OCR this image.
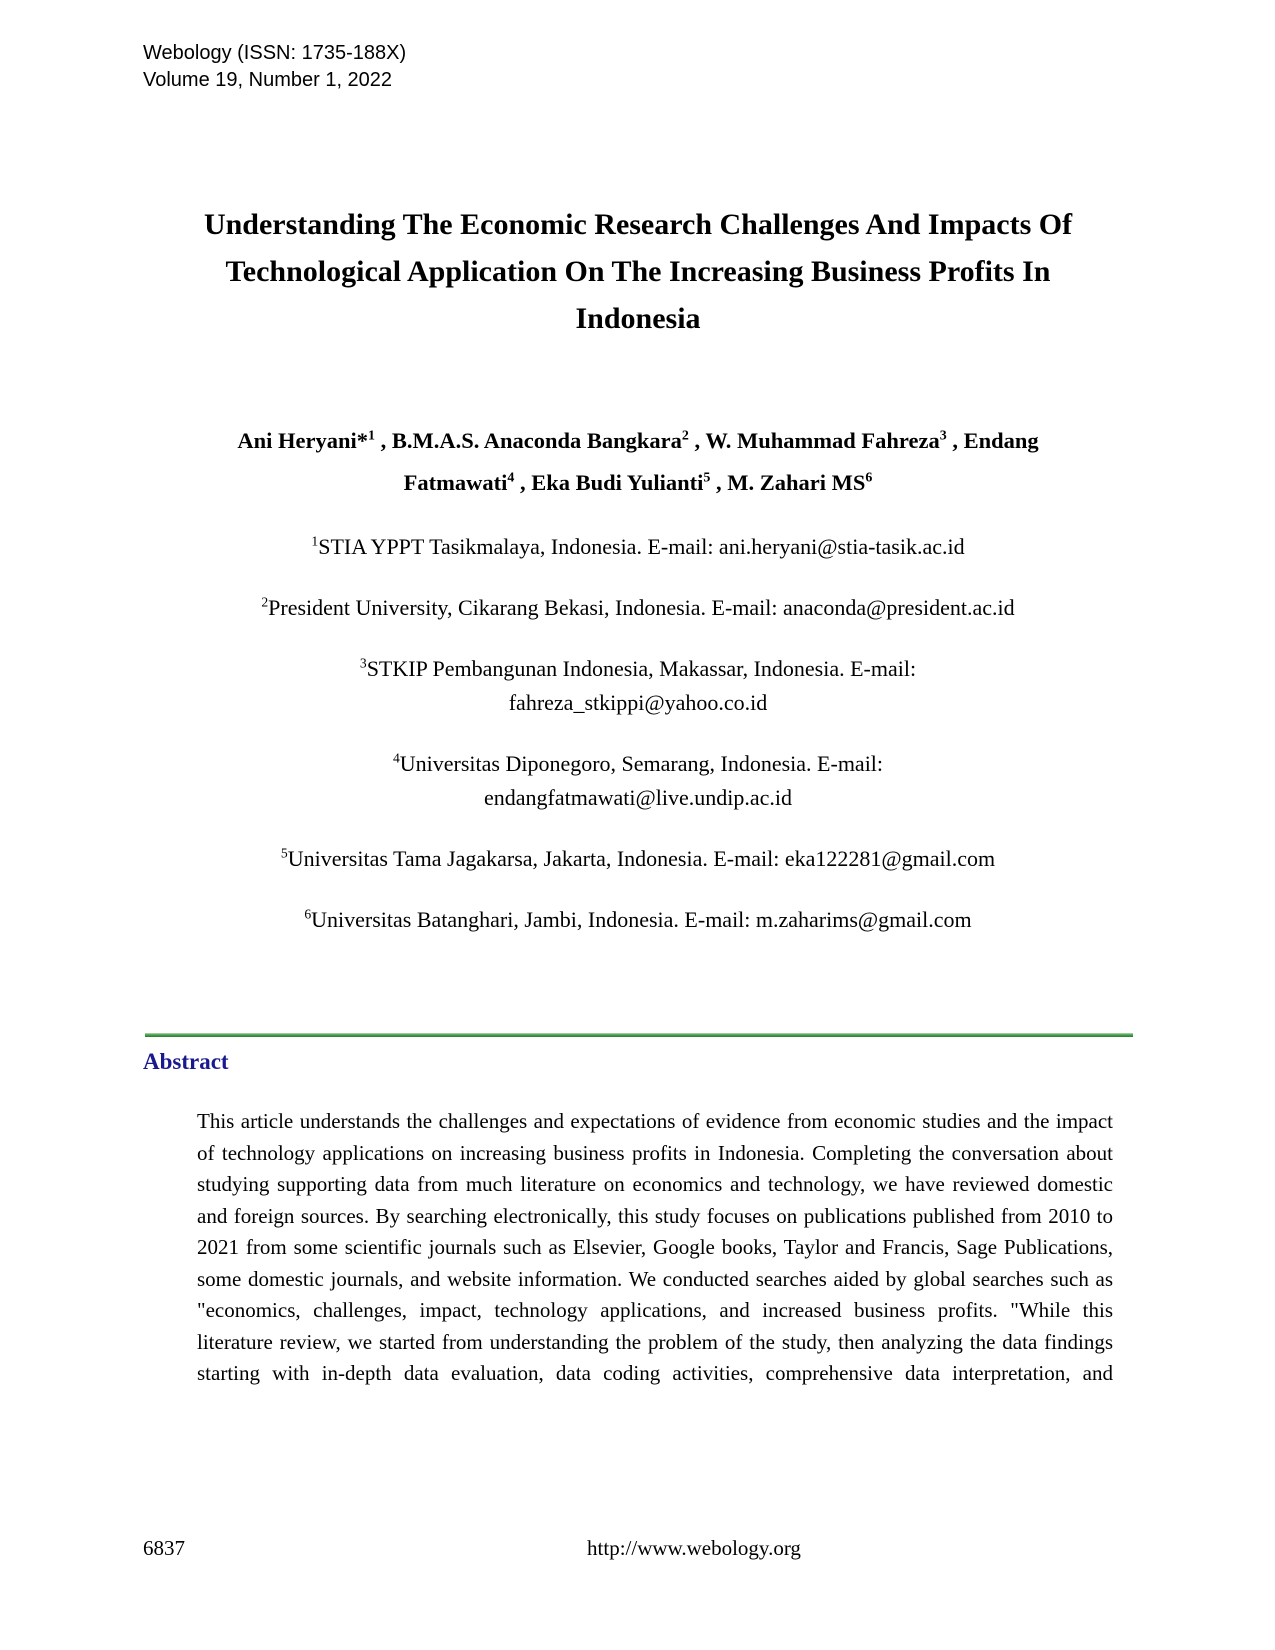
Webology (ISSN: 1735-188X)
Volume 19, Number 1, 2022
Understanding The Economic Research Challenges And Impacts Of
Technological Application On The Increasing Business Profits In
Indonesia
Ani Heryani*$^1$ , B.M.A.S. Anaconda Bangkara$^2$ , W. Muhammad Fahreza$^3$ , Endang
Fatmawati$^4$ , Eka Budi Yulianti$^5$ , M. Zahari $MS^6$
$^1$STIA YPPT Tasikmalaya, Indonesia. E-mail: ani.heryani@stia-tasik.ac.id
$^2$President University, Cikarang Bekasi, Indonesia. E-mail: anaconda@president.ac.id
$^3$STKIP Pembangunan Indonesia, Makassar, Indonesia. E-mail:
fahreza_stkippi@yahoo.co.id
$^4$Universitas Diponegoro, Semarang, Indonesia. E-mail:
endangfatmawati@live.undip.ac.id
$^5$Universitas Tama Jagakarsa, Jakarta, Indonesia. E-mail: eka122281@gmail.com
$^6$Universitas Batanghari, Jambi, Indonesia. E-mail: m.zaharims@gmail.com
Abstract

This article understands the challenges and expectations of evidence from economic studies and the impact of technology applications on increasing business profits in Indonesia. Completing the conversation about studying supporting data from much literature on economics and technology, we have reviewed domestic and foreign sources. By searching electronically, this study focuses on publications published from 2010 to 2021 from some scientific journals such as Elsevier, Google books, Taylor and Francis, Sage Publications, some domestic journals, and website information. We conducted searches aided by global searches such as "economics, challenges, impact, technology applications, and increased business profits. "While this literature review, we started from understanding the problem of the study, then analyzing the data findings starting with in-depth data evaluation, data coding activities, comprehensive data interpretation, and

6837	http://www.webology.org
